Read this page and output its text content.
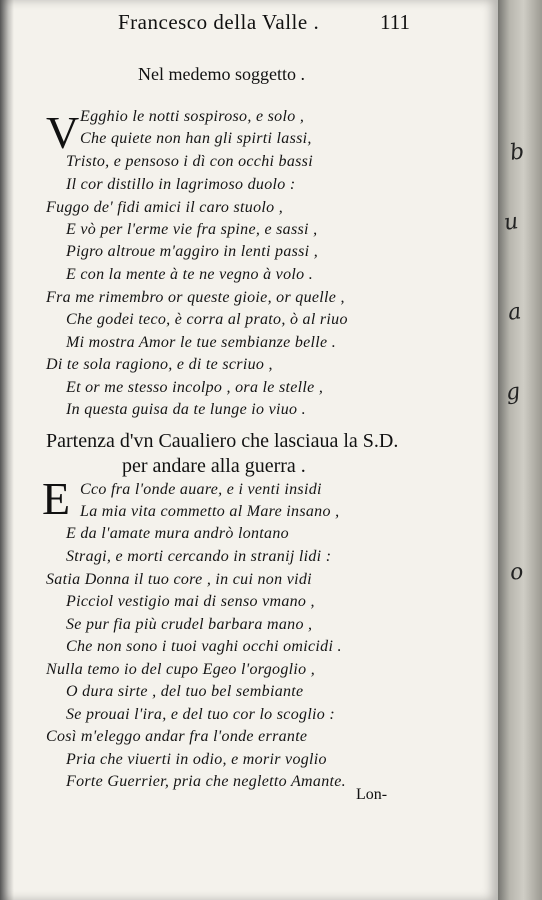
b
u
a
g
o
Francesco della Valle .	111
Nel medemo soggetto .
V Egghio le notti sospiroso, e solo ,
Che quiete non han gli spirti lassi,
Tristo, e pensoso i dì con occhi bassi
Il cor distillo in lagrimoso duolo :
Fuggo de' fidi amici il caro stuolo ,
E vò per l'erme vie fra spine, e sassi ,
Pigro altroue m'aggiro in lenti passi ,
E con la mente à te ne vegno à volo .
Fra me rimembro or queste gioie, or quelle ,
Che godei teco, è corra al prato, ò al riuo
Mi mostra Amor le tue sembianze belle .
Di te sola ragiono, e di te scriuo ,
Et or me stesso incolpo , ora le stelle ,
In questa guisa da te lunge io viuo .
Partenza d'vn Caualiero che lasciaua la S.D.
per andare alla guerra .
E Cco fra l'onde auare, e i venti insidi
La mia vita commetto al Mare insano ,
E da l'amate mura andrò lontano
Stragi, e morti cercando in stranij lidi :
Satia Donna il tuo core , in cui non vidi
Picciol vestigio mai di senso vmano ,
Se pur fia più crudel barbara mano ,
Che non sono i tuoi vaghi occhi omicidi .
Nulla temo io del cupo Egeo l'orgoglio ,
O dura sirte , del tuo bel sembiante
Se prouai l'ira, e del tuo cor lo scoglio :
Così m'eleggo andar fra l'onde errante
Pria che viuerti in odio, e morir voglio
Forte Guerrier, pria che negletto Amante.
Lon-
